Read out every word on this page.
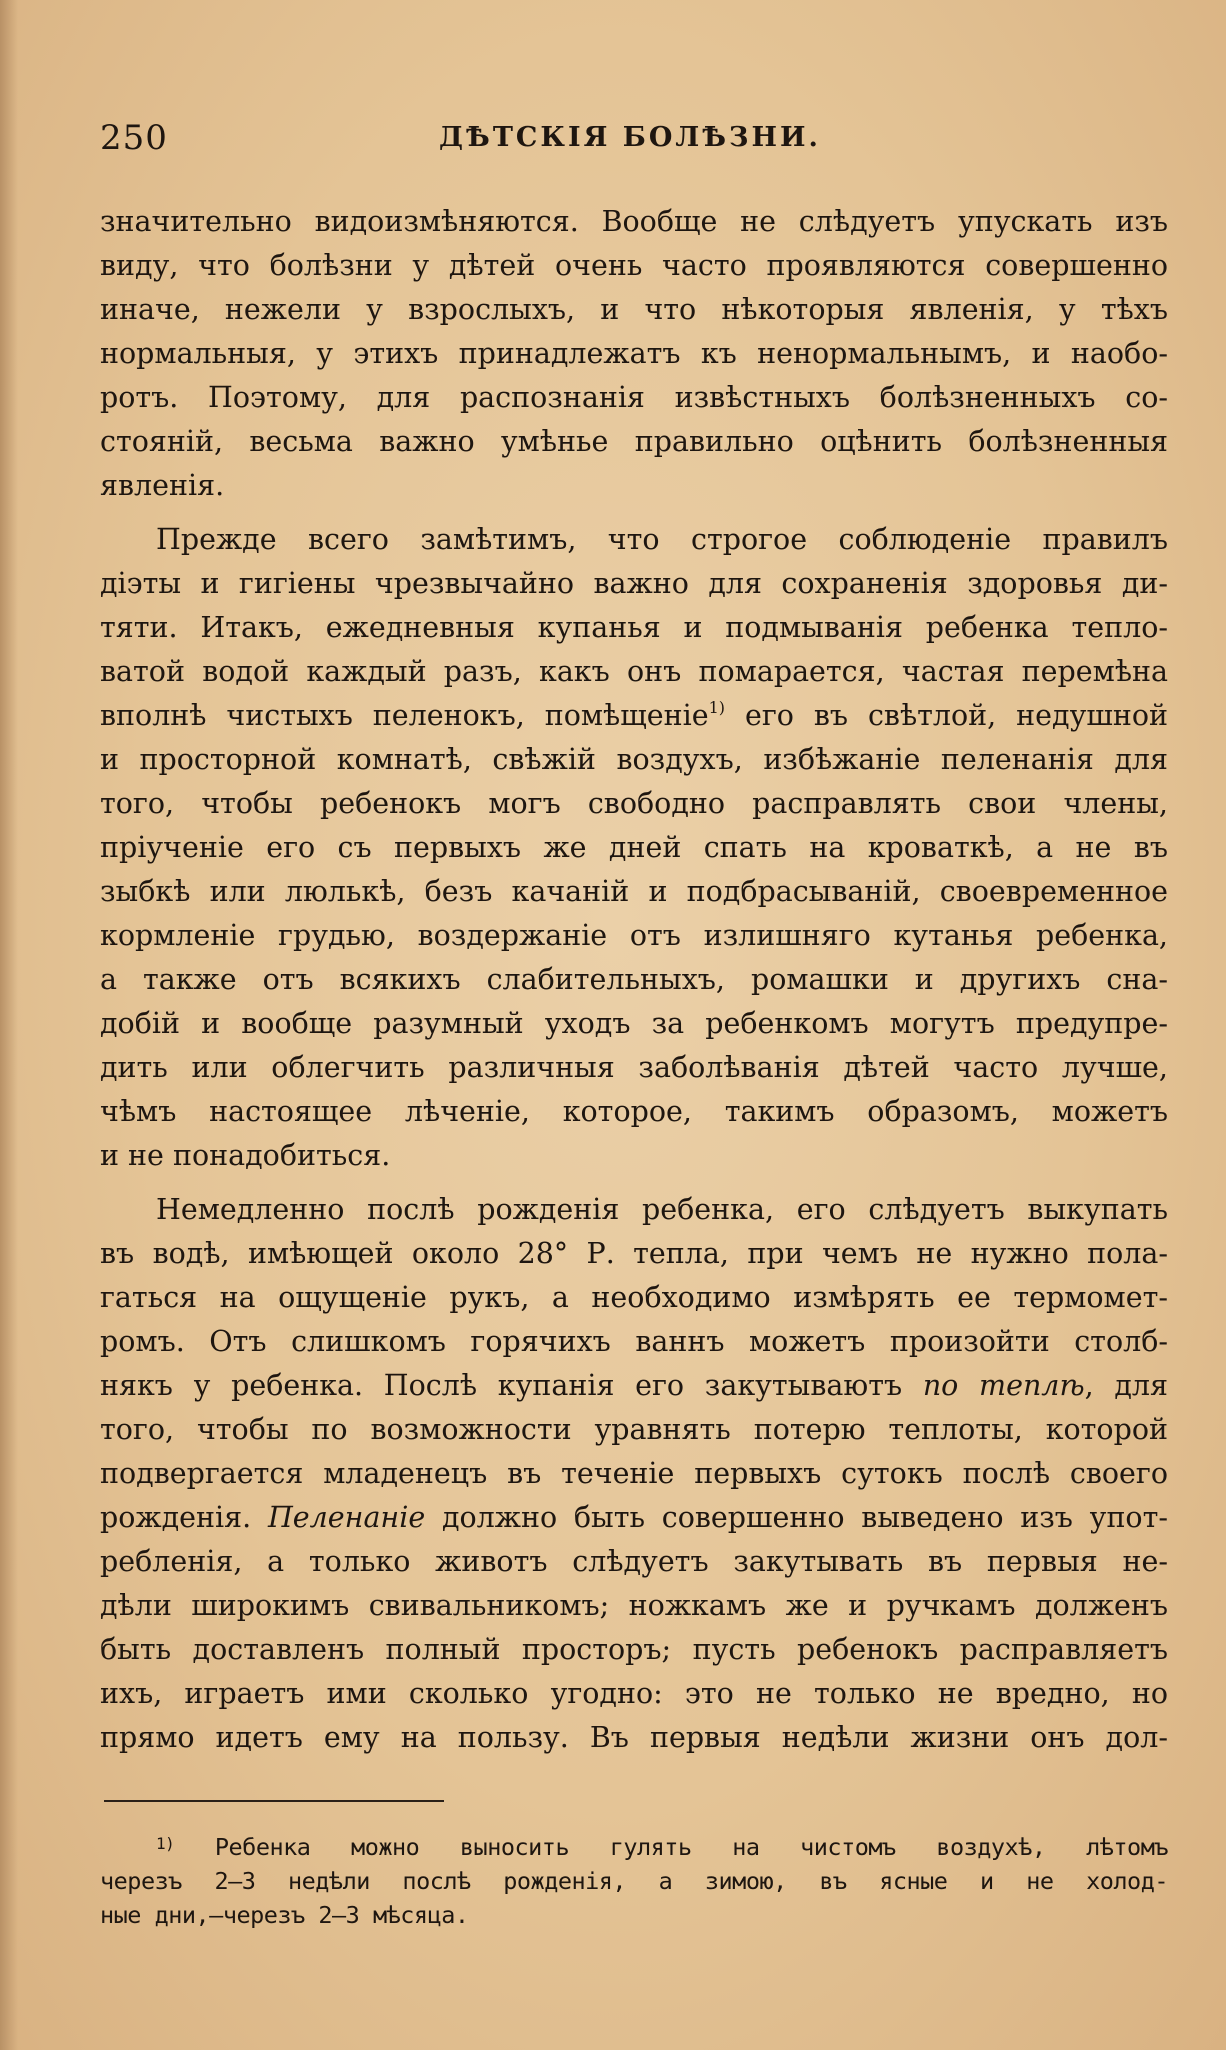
250	ДѢТСКІЯ БОЛѢЗНИ.
значительно видоизмѣняются. Вообще не слѣдуетъ упускать изъ
виду, что болѣзни у дѣтей очень часто проявляются совершенно
иначе, нежели у взрослыхъ, и что нѣкоторыя явленія, у тѣхъ
нормальныя, у этихъ принадлежатъ къ ненормальнымъ, и наобо-
ротъ. Поэтому, для распознанія извѣстныхъ болѣзненныхъ со-
стояній, весьма важно умѣнье правильно оцѣнить болѣзненныя
явленія.
Прежде всего замѣтимъ, что строгое соблюденіе правилъ
діэты и гигіены чрезвычайно важно для сохраненія здоровья ди-
тяти. Итакъ, ежедневныя купанья и подмыванія ребенка тепло-
ватой водой каждый разъ, какъ онъ помарается, частая перемѣна
вполнѣ чистыхъ пеленокъ, помѣщеніе$^{1)}$ его въ свѣтлой, недушной
и просторной комнатѣ, свѣжій воздухъ, избѣжаніе пеленанія для
того, чтобы ребенокъ могъ свободно расправлять свои члены,
пріученіе его съ первыхъ же дней спать на кроваткѣ, а не въ
зыбкѣ или люлькѣ, безъ качаній и подбрасываній, своевременное
кормленіе грудью, воздержаніе отъ излишняго кутанья ребенка,
а также отъ всякихъ слабительныхъ, ромашки и другихъ сна-
добій и вообще разумный уходъ за ребенкомъ могутъ предупре-
дить или облегчить различныя заболѣванія дѣтей часто лучше,
чѣмъ настоящее лѣченіе, которое, такимъ образомъ, можетъ
и не понадобиться.
Немедленно послѣ рожденія ребенка, его слѣдуетъ выкупать
въ водѣ, имѣющей около 28° Р. тепла, при чемъ не нужно пола-
гаться на ощущеніе рукъ, а необходимо измѣрять ее термомет-
ромъ. Отъ слишкомъ горячихъ ваннъ можетъ произойти столб-
някъ у ребенка. Послѣ купанія его закутываютъ по теплѣ, для
того, чтобы по возможности уравнять потерю теплоты, которой
подвергается младенецъ въ теченіе первыхъ сутокъ послѣ своего
рожденія. Пеленаніе должно быть совершенно выведено изъ упот-
ребленія, а только животъ слѣдуетъ закутывать въ первыя не-
дѣли широкимъ свивальникомъ; ножкамъ же и ручкамъ долженъ
быть доставленъ полный просторъ; пусть ребенокъ расправляетъ
ихъ, играетъ ими сколько угодно: это не только не вредно, но
прямо идетъ ему на пользу. Въ первыя недѣли жизни онъ дол-
$^{1)}$ Ребенка можно выносить гулять на чистомъ воздухѣ, лѣтомъ
черезъ 2—3 недѣли послѣ рожденія, а зимою, въ ясные и не холод-
ные дни,—черезъ 2—3 мѣсяца.
